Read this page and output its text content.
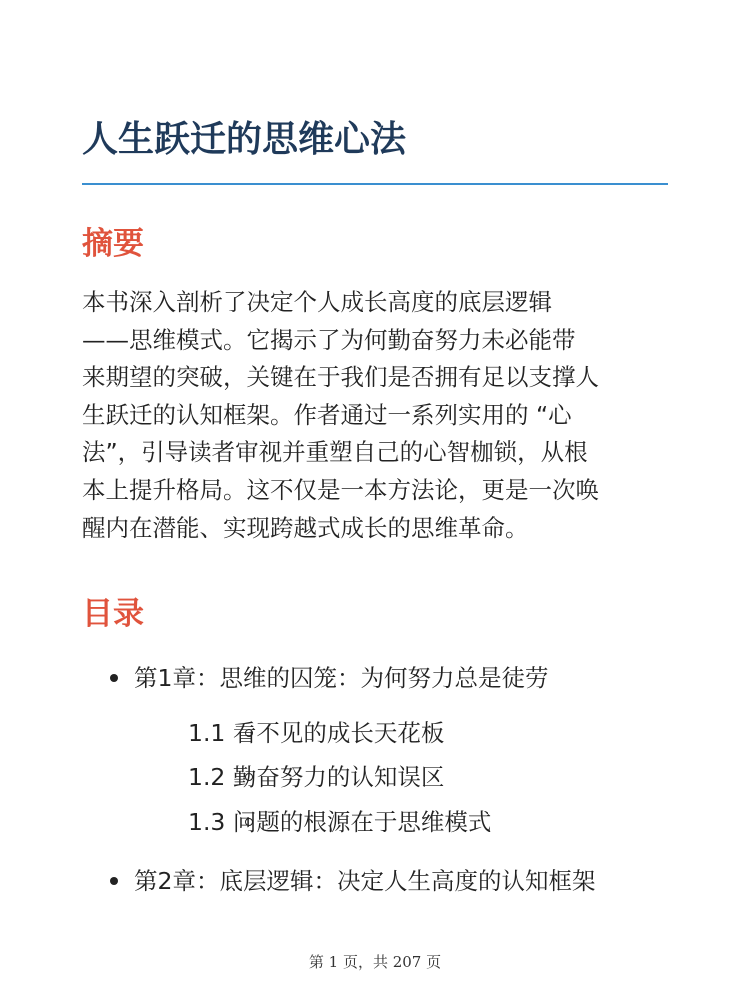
人生跃迁的思维心法
摘要

本书深入剖析了决定个人成长高度的底层逻辑
——思维模式。它揭示了为何勤奋努力未必能带
来期望的突破，关键在于我们是否拥有足以支撑人
生跃迁的认知框架。作者通过一系列实用的 “心
法”，引导读者审视并重塑自己的心智枷锁，从根
本上提升格局。这不仅是一本方法论，更是一次唤
醒内在潜能、实现跨越式成长的思维革命。

目录

第1章：思维的囚笼：为何努力总是徒劳

1.1 看不见的成长天花板

1.2 勤奋努力的认知误区

1.3 问题的根源在于思维模式

第2章：底层逻辑：决定人生高度的认知框架

第 1 页，共 207 页
